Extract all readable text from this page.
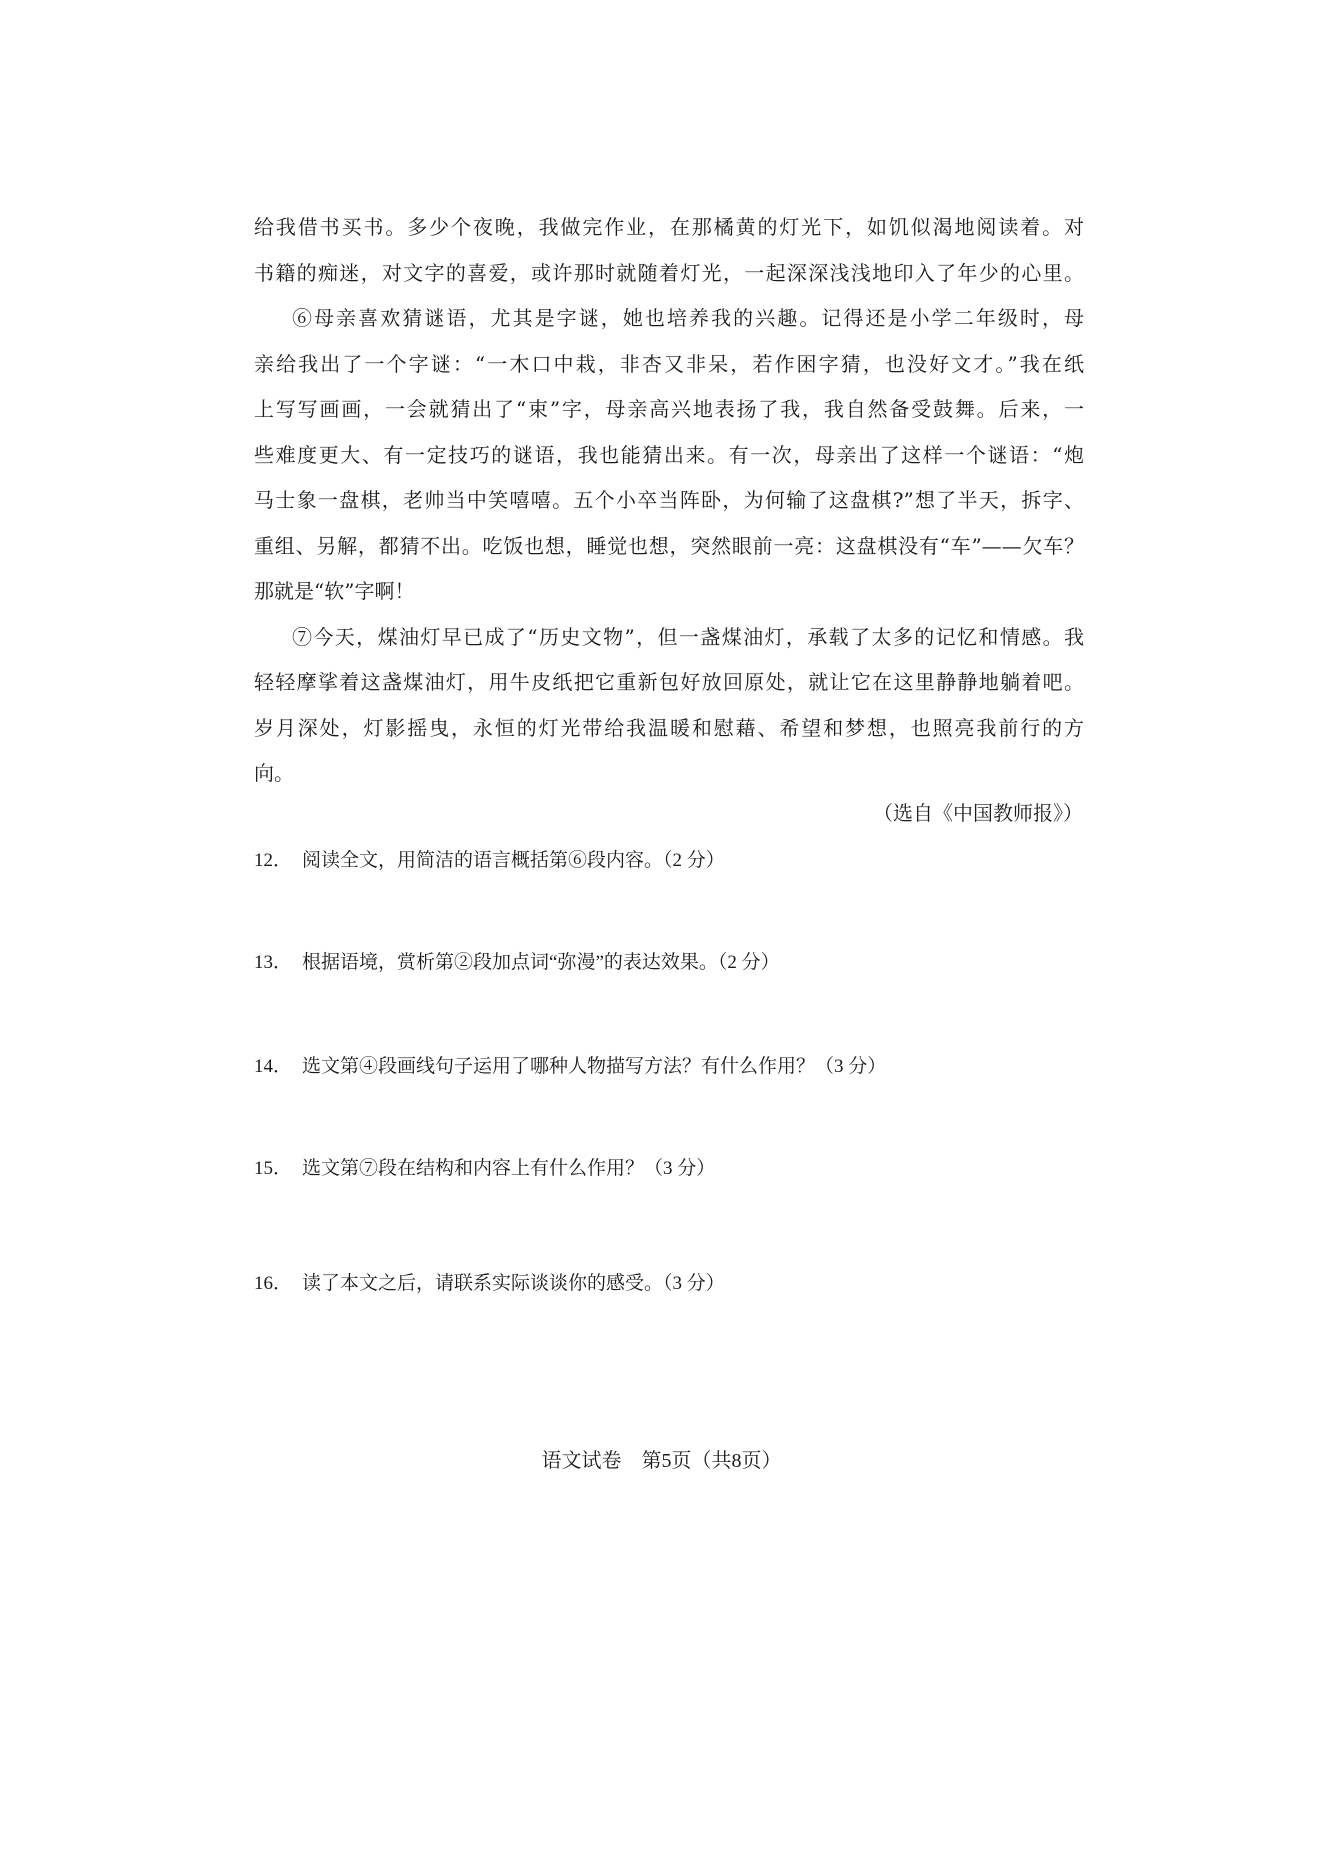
给我借书买书。多少个夜晚，我做完作业，在那橘黄的灯光下，如饥似渴地阅读着。对
书籍的痴迷，对文字的喜爱，或许那时就随着灯光，一起深深浅浅地印入了年少的心里。
⑥母亲喜欢猜谜语，尤其是字谜，她也培养我的兴趣。记得还是小学二年级时，母
亲给我出了一个字谜：“一木口中栽，非杏又非呆，若作困字猜，也没好文才。”我在纸
上写写画画，一会就猜出了“束”字，母亲高兴地表扬了我，我自然备受鼓舞。后来，一
些难度更大、有一定技巧的谜语，我也能猜出来。有一次，母亲出了这样一个谜语：“炮
马士象一盘棋，老帅当中笑嘻嘻。五个小卒当阵卧，为何输了这盘棋?”想了半天，拆字、
重组、另解，都猜不出。吃饭也想，睡觉也想，突然眼前一亮：这盘棋没有“车”——欠车？
那就是“软”字啊！
⑦今天，煤油灯早已成了“历史文物”，但一盏煤油灯，承载了太多的记忆和情感。我
轻轻摩挲着这盏煤油灯，用牛皮纸把它重新包好放回原处，就让它在这里静静地躺着吧。
岁月深处，灯影摇曳，永恒的灯光带给我温暖和慰藉、希望和梦想，也照亮我前行的方
向。
（选自《中国教师报》）
12． 阅读全文，用简洁的语言概括第⑥段内容。（2 分）
13． 根据语境，赏析第②段加点词“弥漫”的表达效果。（2 分）
14． 选文第④段画线句子运用了哪种人物描写方法？有什么作用？（3 分）
15． 选文第⑦段在结构和内容上有什么作用？（3 分）
16． 读了本文之后，请联系实际谈谈你的感受。（3 分）
语文试卷　第5页（共8页）
